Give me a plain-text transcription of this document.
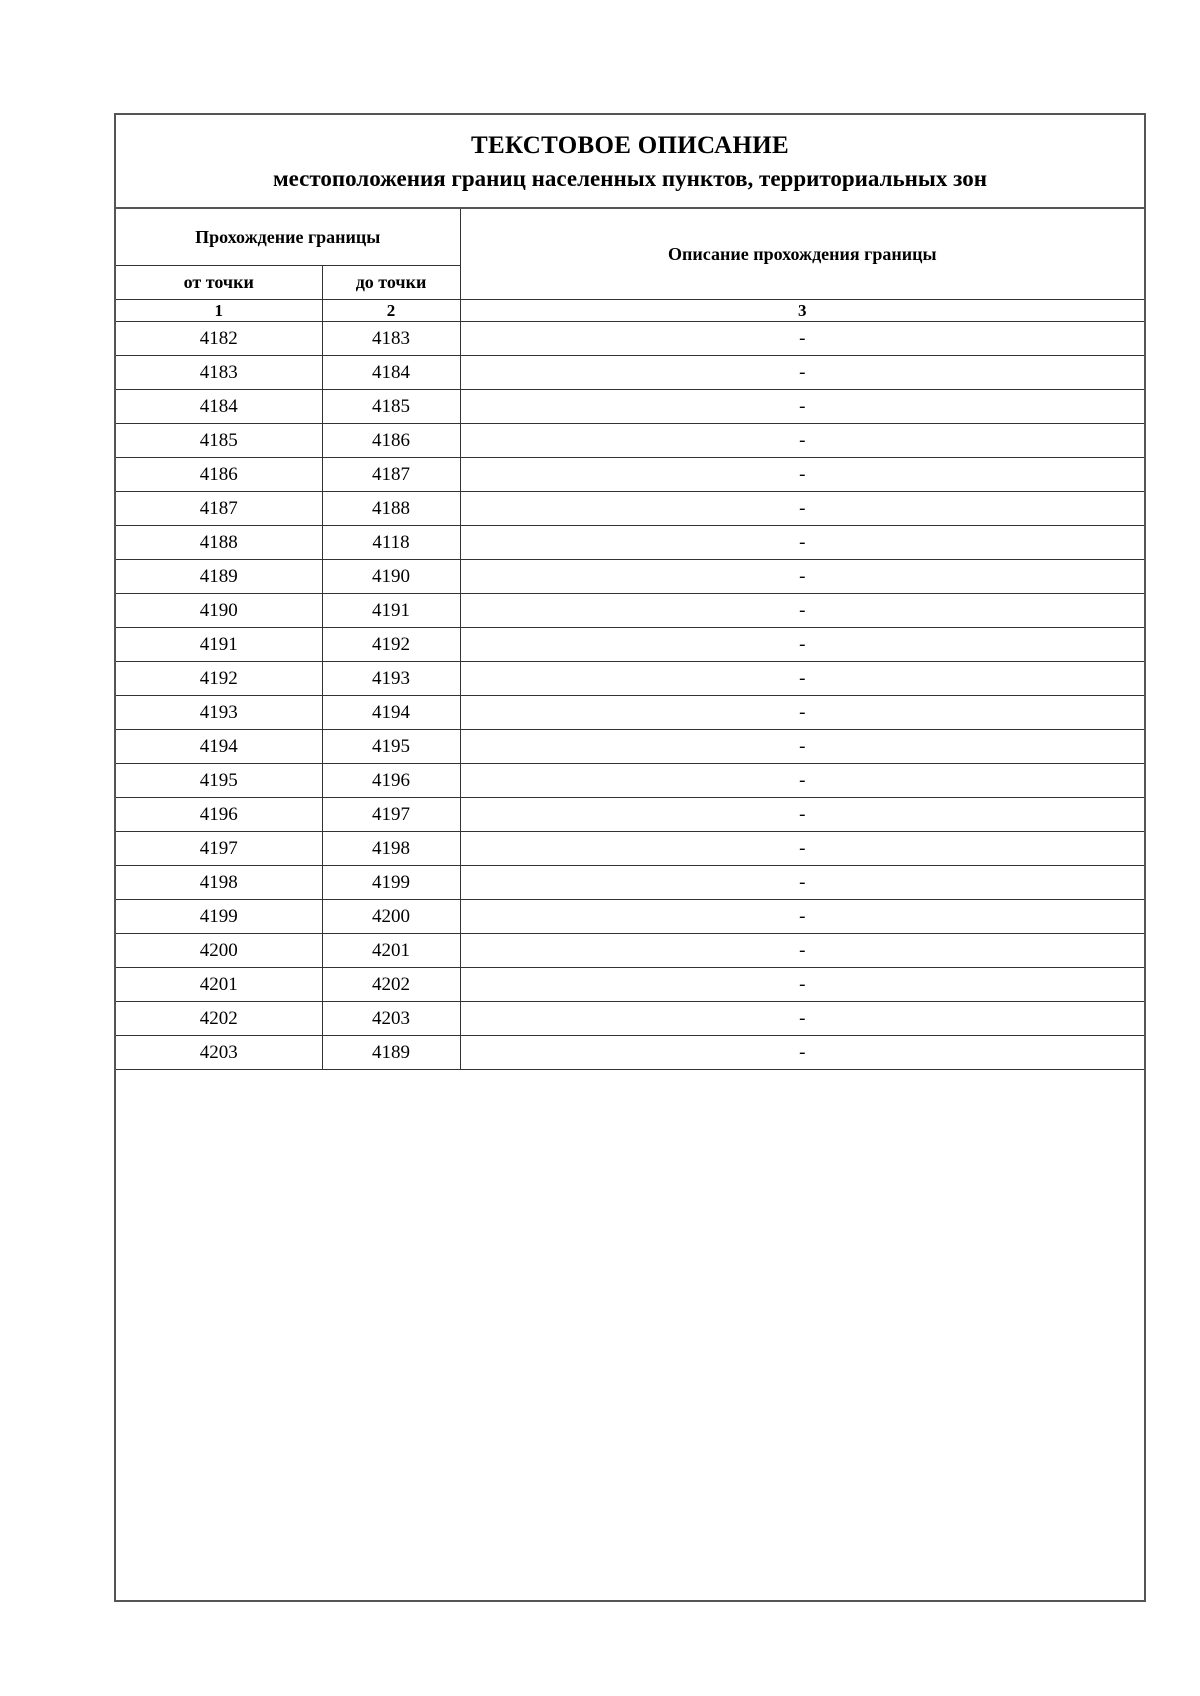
ТЕКСТОВОЕ ОПИСАНИЕ
местоположения границ населенных пунктов, территориальных зон
Прохождение границы		Описание прохождения границы
от точки	до точки	
1	2	3
4182	4183	-
4183	4184	-
4184	4185	-
4185	4186	-
4186	4187	-
4187	4188	-
4188	4118	-
4189	4190	-
4190	4191	-
4191	4192	-
4192	4193	-
4193	4194	-
4194	4195	-
4195	4196	-
4196	4197	-
4197	4198	-
4198	4199	-
4199	4200	-
4200	4201	-
4201	4202	-
4202	4203	-
4203	4189	-
